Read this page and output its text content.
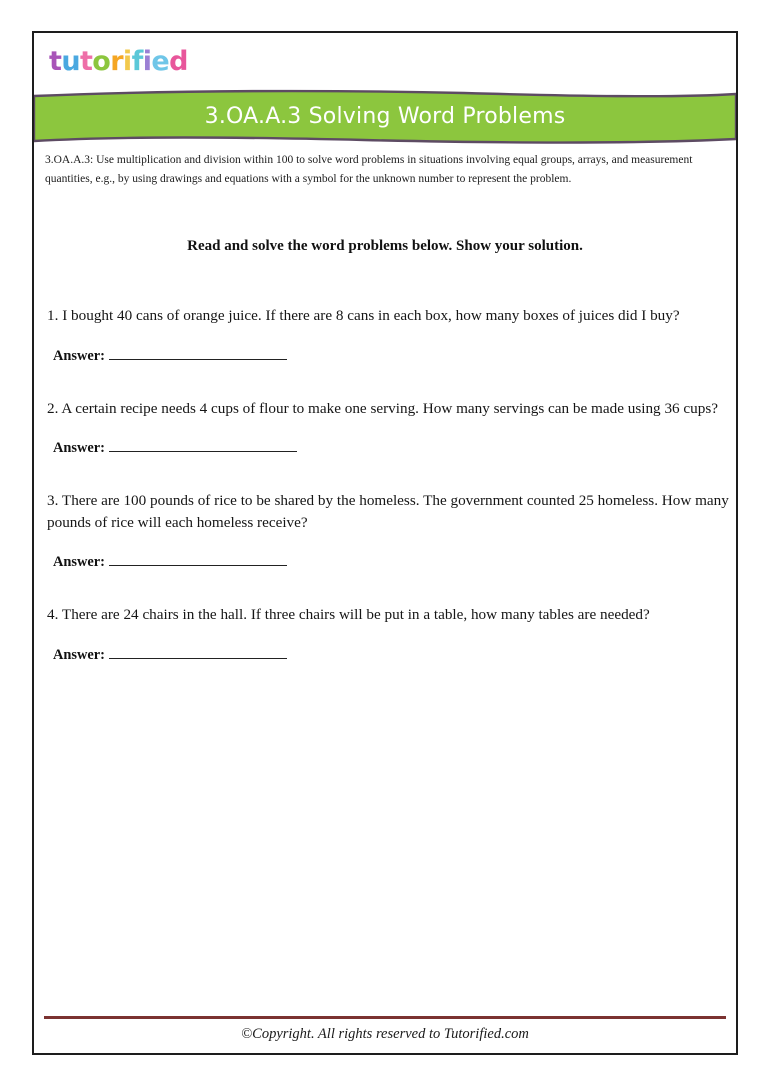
tutorified
3.OA.A.3 Solving Word Problems
3.OA.A.3: Use multiplication and division within 100 to solve word problems in situations involving equal groups, arrays, and measurement quantities, e.g., by using drawings and equations with a symbol for the unknown number to represent the problem.
Read and solve the word problems below. Show your solution.
1. I bought 40 cans of orange juice. If there are 8 cans in each box, how many boxes of juices did I buy?
Answer:
2. A certain recipe needs 4 cups of flour to make one serving. How many servings can be made using 36 cups?
Answer:
3. There are 100 pounds of rice to be shared by the homeless. The government counted 25 homeless. How many pounds of rice will each homeless receive?
Answer:
4. There are 24 chairs in the hall. If three chairs will be put in a table, how many tables are needed?
Answer:
©Copyright. All rights reserved to Tutorified.com
